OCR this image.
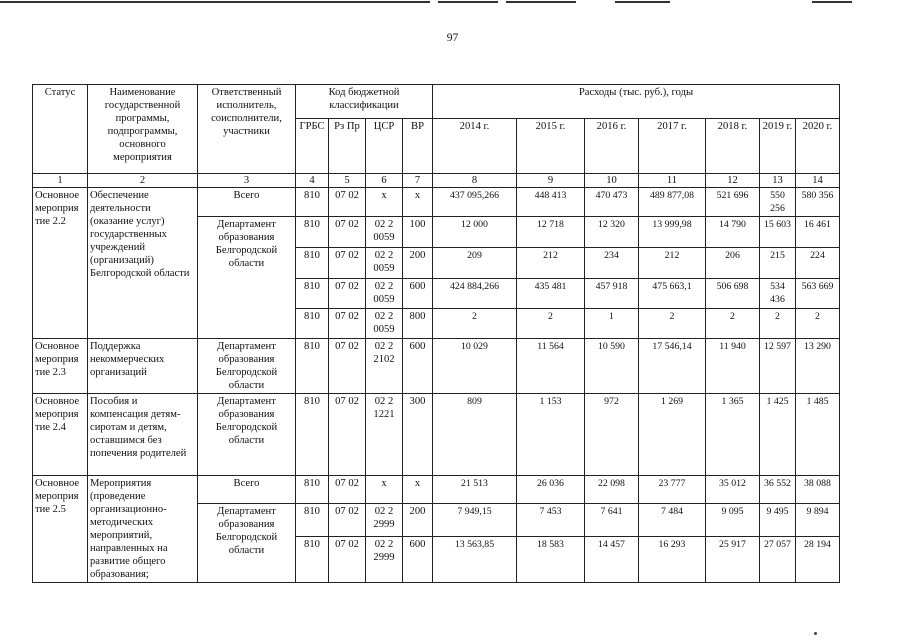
97
Статус	Наименование государственной программы, подпрограммы, основного мероприятия	Ответственный исполнитель, соисполнители, участники	Код бюджетной классификации				Расходы (тыс. руб.), годы						
			ГРБС	Рз Пр	ЦСР	ВР	2014 г.	2015 г.	2016 г.	2017 г.	2018 г.	2019 г.	2020 г.
1	2	3	4	5	6	7	8	9	10	11	12	13	14
Основное мероприя тие 2.2	Обеспечение деятельности (оказание услуг) государственных учреждений (организаций) Белгородской области	Всего	810	07 02	х	х	437 095,266	448 413	470 473	489 877,08	521 696	550 256	580 356
		Департамент образования Белгородской области	810	07 02	02 2 0059	100	12 000	12 718	12 320	13 999,98	14 790	15 603	16 461
			810	07 02	02 2 0059	200	209	212	234	212	206	215	224
			810	07 02	02 2 0059	600	424 884,266	435 481	457 918	475 663,1	506 698	534 436	563 669
			810	07 02	02 2 0059	800	2	2	1	2	2	2	2
Основное мероприя тие 2.3	Поддержка некоммерческих организаций	Департамент образования Белгородской области	810	07 02	02 2 2102	600	10 029	11 564	10 590	17 546,14	11 940	12 597	13 290
Основное мероприя тие 2.4	Пособия и компенсация детям-сиротам и детям, оставшимся без попечения родителей	Департамент образования Белгородской области	810	07 02	02 2 1221	300	809	1 153	972	1 269	1 365	1 425	1 485
Основное мероприя тие 2.5	Мероприятия (проведение организационно-методических мероприятий, направленных на развитие общего образования;	Всего	810	07 02	х	х	21 513	26 036	22 098	23 777	35 012	36 552	38 088
		Департамент образования Белгородской области	810	07 02	02 2 2999	200	7 949,15	7 453	7 641	7 484	9 095	9 495	9 894
			810	07 02	02 2 2999	600	13 563,85	18 583	14 457	16 293	25 917	27 057	28 194
